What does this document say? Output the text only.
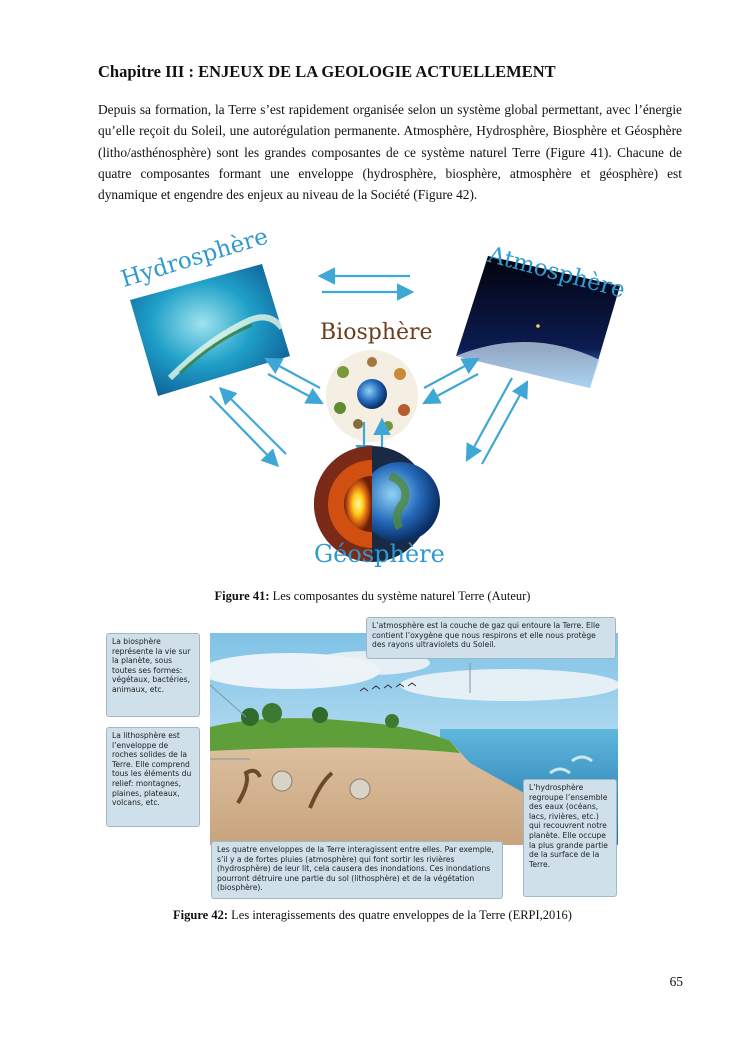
Chapitre III : ENJEUX DE LA GEOLOGIE ACTUELLEMENT

Depuis sa formation, la Terre s’est rapidement organisée selon un système global permettant, avec l’énergie qu’elle reçoit du Soleil, une autorégulation permanente. Atmosphère, Hydrosphère, Biosphère et Géosphère (litho/asthénosphère) sont les grandes composantes de ce système naturel Terre (Figure 41). Chacune de quatre composantes formant une enveloppe (hydrosphère, biosphère, atmosphère et géosphère) est dynamique et engendre des enjeux au niveau de la Société (Figure 42).

Hydrosphère	Atmosphère
Biosphère
Géosphère
Figure 41: Les composantes du système naturel Terre (Auteur)
La biosphère représente la vie sur la planète, sous toutes ses formes: végétaux, bactéries, animaux, etc.
La lithosphère est l’enveloppe de roches solides de la Terre. Elle comprend tous les éléments du relief: montagnes, plaines, plateaux, volcans, etc.
L’atmosphère est la couche de gaz qui entoure la Terre. Elle contient l’oxygène que nous respirons et elle nous protège des rayons ultraviolets du Soleil.
L’hydrosphère regroupe l’ensemble des eaux (océans, lacs, rivières, etc.) qui recouvrent notre planète. Elle occupe la plus grande partie de la surface de la Terre.
Les quatre enveloppes de la Terre interagissent entre elles. Par exemple, s’il y a de fortes pluies (atmosphère) qui font sortir les rivières (hydrosphère) de leur lit, cela causera des inondations. Ces inondations pourront détruire une partie du sol (lithosphère) et de la végétation (biosphère).
Figure 42: Les interagissements des quatre enveloppes de la Terre (ERPI,2016)
65
